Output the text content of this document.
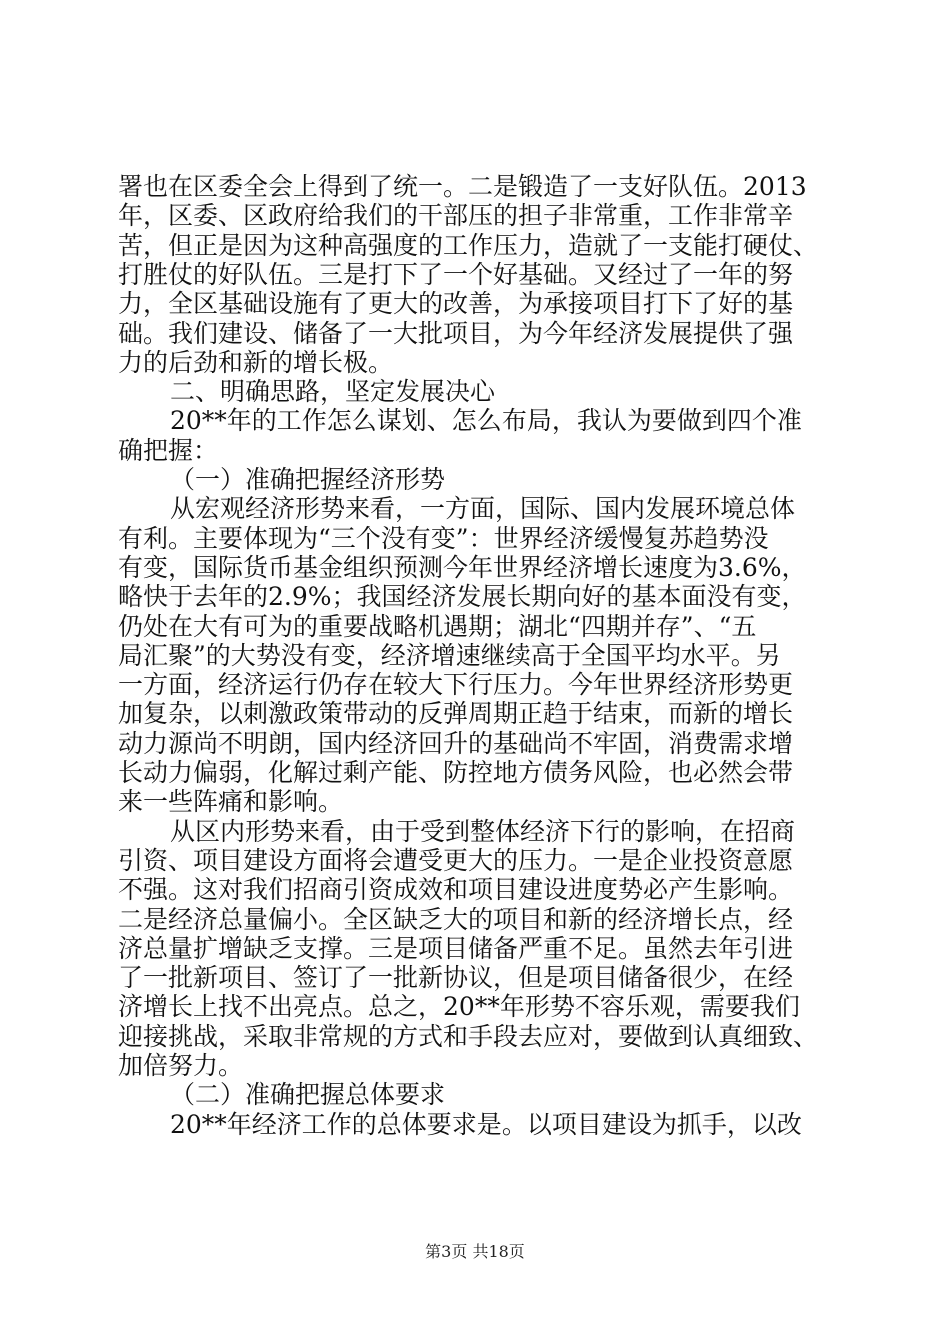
署也在区委全会上得到了统一。二是锻造了一支好队伍。2013
年，区委、区政府给我们的干部压的担子非常重，工作非常辛
苦，但正是因为这种高强度的工作压力，造就了一支能打硬仗、
打胜仗的好队伍。三是打下了一个好基础。又经过了一年的努
力，全区基础设施有了更大的改善，为承接项目打下了好的基
础。我们建设、储备了一大批项目，为今年经济发展提供了强
力的后劲和新的增长极。
二、明确思路，坚定发展决心
20**年的工作怎么谋划、怎么布局，我认为要做到四个准
确把握：
（一）准确把握经济形势
从宏观经济形势来看，一方面，国际、国内发展环境总体
有利。主要体现为“三个没有变”：世界经济缓慢复苏趋势没
有变，国际货币基金组织预测今年世界经济增长速度为3.6%，
略快于去年的2.9%；我国经济发展长期向好的基本面没有变，
仍处在大有可为的重要战略机遇期；湖北“四期并存”、“五
局汇聚”的大势没有变，经济增速继续高于全国平均水平。另
一方面，经济运行仍存在较大下行压力。今年世界经济形势更
加复杂，以刺激政策带动的反弹周期正趋于结束，而新的增长
动力源尚不明朗，国内经济回升的基础尚不牢固，消费需求增
长动力偏弱，化解过剩产能、防控地方债务风险，也必然会带
来一些阵痛和影响。
从区内形势来看，由于受到整体经济下行的影响，在招商
引资、项目建设方面将会遭受更大的压力。一是企业投资意愿
不强。这对我们招商引资成效和项目建设进度势必产生影响。
二是经济总量偏小。全区缺乏大的项目和新的经济增长点，经
济总量扩增缺乏支撑。三是项目储备严重不足。虽然去年引进
了一批新项目、签订了一批新协议，但是项目储备很少，在经
济增长上找不出亮点。总之，20**年形势不容乐观，需要我们
迎接挑战，采取非常规的方式和手段去应对，要做到认真细致、
加倍努力。
（二）准确把握总体要求
20**年经济工作的总体要求是。以项目建设为抓手，以改
第3页 共18页
